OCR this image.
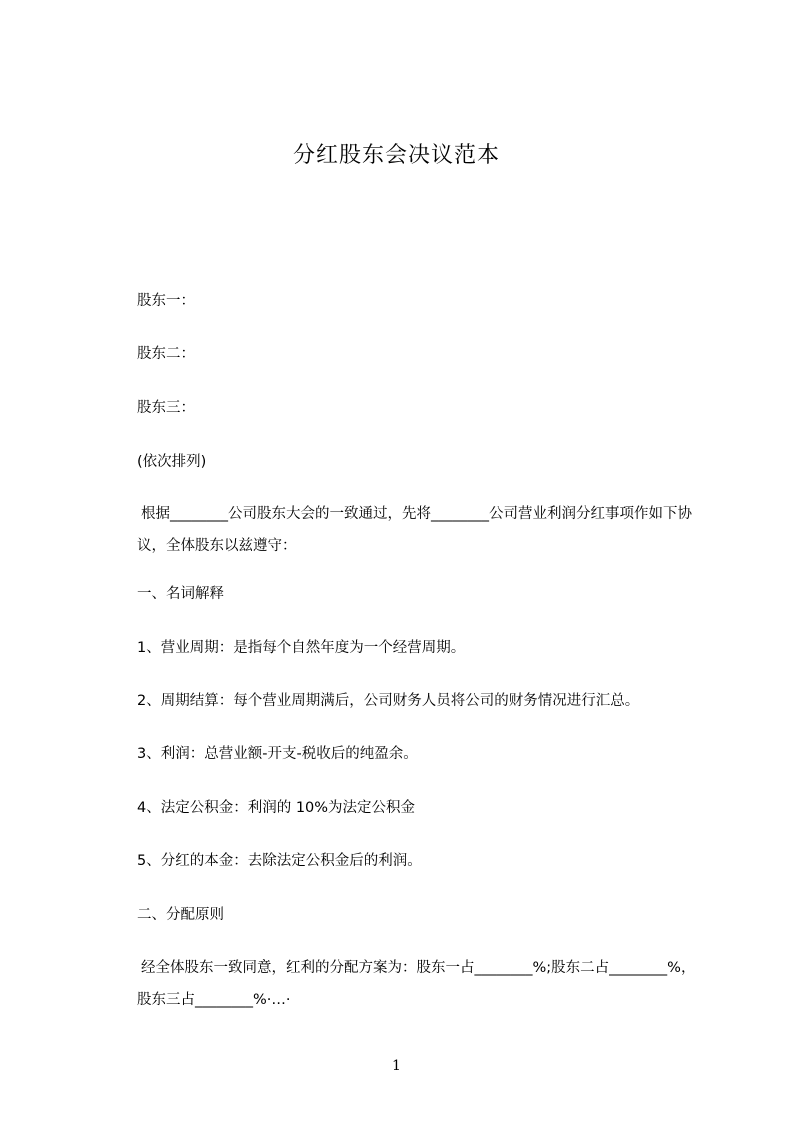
分红股东会决议范本
股东一：
股东二：
股东三：
(依次排列)
根据________公司股东大会的一致通过，先将________公司营业利润分红事项作如下协议，全体股东以兹遵守：
一、名词解释
1、营业周期：是指每个自然年度为一个经营周期。
2、周期结算：每个营业周期满后，公司财务人员将公司的财务情况进行汇总。
3、利润：总营业额-开支-税收后的纯盈余。
4、法定公积金：利润的 10%为法定公积金
5、分红的本金：去除法定公积金后的利润。
二、分配原则
经全体股东一致同意，红利的分配方案为：股东一占________%;股东二占________%，股东三占________%·…·
1
